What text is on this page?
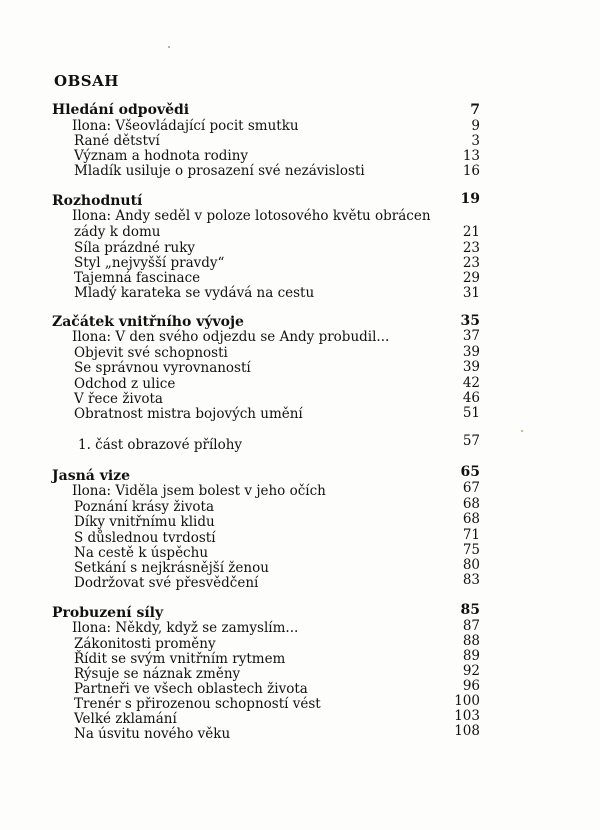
OBSAH
Hledání odpovědi	7
Ilona: Všeovládající pocit smutku	9
Rané dětství	3
Význam a hodnota rodiny	13
Mladík usiluje o prosazení své nezávislosti	16
Rozhodnutí	19
Ilona: Andy seděl v poloze lotosového květu obrácen
zády k domu	21
Síla prázdné ruky	23
Styl „nejvyšší pravdy“	23
Tajemná fascinace	29
Mladý karateka se vydává na cestu	31
Začátek vnitřního vývoje	35
Ilona: V den svého odjezdu se Andy probudil...	37
Objevit své schopnosti	39
Se správnou vyrovnaností	39
Odchod z ulice	42
V řece života	46
Obratnost mistra bojových umění	51
1. část obrazové přílohy	57
Jasná vize	65
Ilona: Viděla jsem bolest v jeho očích	67
Poznání krásy života	68
Díky vnitřnímu klidu	68
S důslednou tvrdostí	71
Na cestě k úspěchu	75
Setkání s nejkrásnější ženou	80
Dodržovat své přesvědčení	83
Probuzení síly	85
Ilona: Někdy, když se zamyslím...	87
Zákonitosti proměny	88
Řídit se svým vnitřním rytmem	89
Rýsuje se náznak změny	92
Partneři ve všech oblastech života	96
Trenér s přirozenou schopností vést	100
Velké zklamání	103
Na úsvitu nového věku	108
